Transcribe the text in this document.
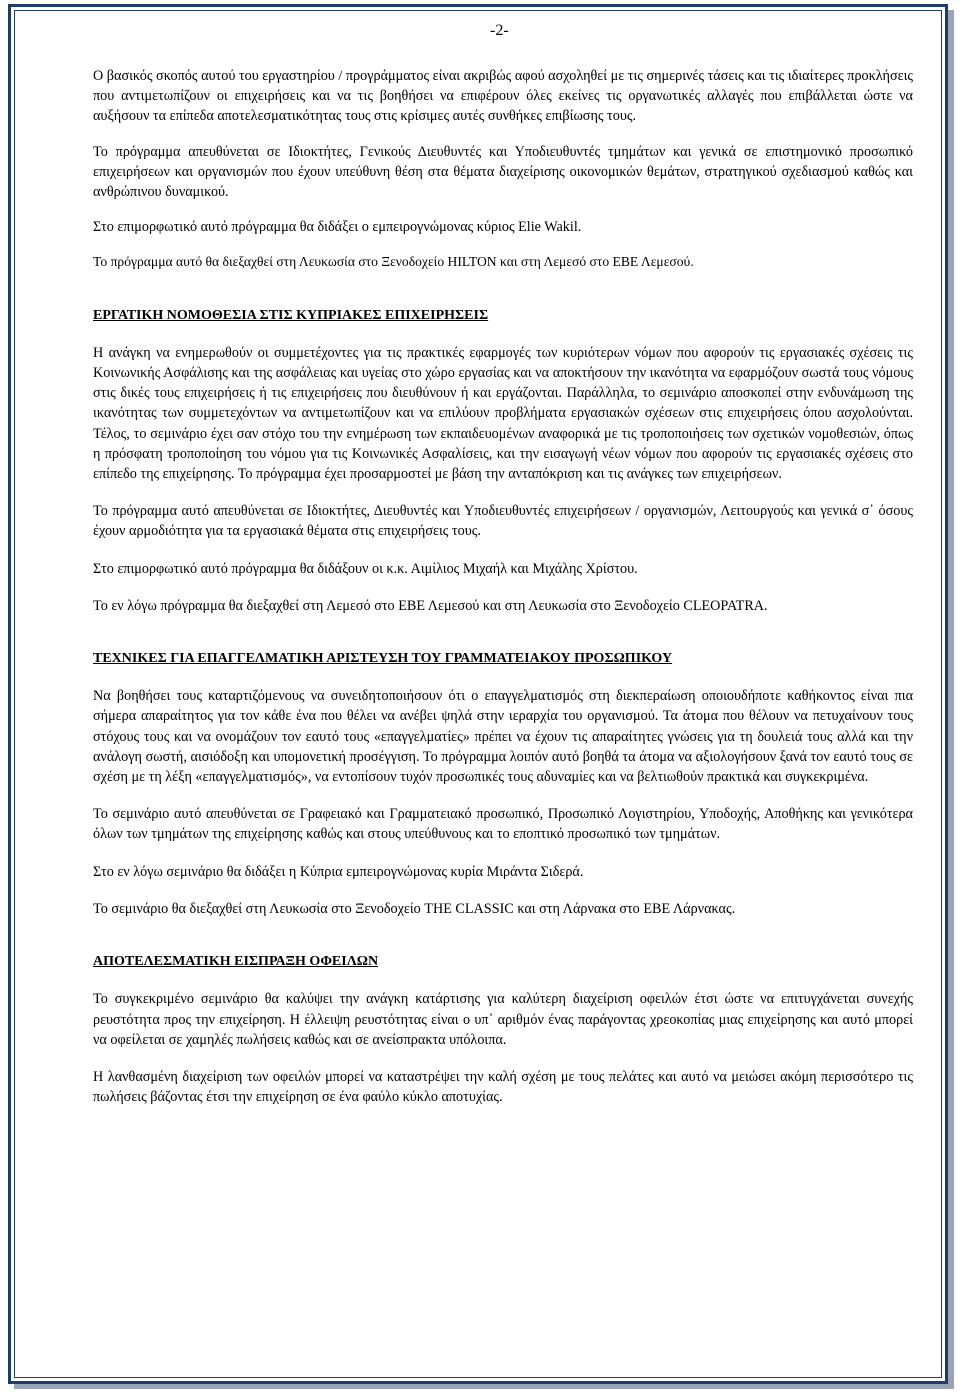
-2-

Ο βασικός σκοπός αυτού του εργαστηρίου / προγράμματος είναι ακριβώς αφού ασχοληθεί με τις σημερινές τάσεις και τις ιδιαίτερες προκλήσεις που αντιμετωπίζουν οι επιχειρήσεις και να τις βοηθήσει να επιφέρουν όλες εκείνες τις οργανωτικές αλλαγές που επιβάλλεται ώστε να αυξήσουν τα επίπεδα αποτελεσματικότητας τους στις κρίσιμες αυτές συνθήκες επιβίωσης τους.

Το πρόγραμμα απευθύνεται σε Ιδιοκτήτες, Γενικούς Διευθυντές και Υποδιευθυντές τμημάτων και γενικά σε επιστημονικό προσωπικό επιχειρήσεων και οργανισμών που έχουν υπεύθυνη θέση στα θέματα διαχείρισης οικονομικών θεμάτων, στρατηγικού σχεδιασμού καθώς και ανθρώπινου δυναμικού.

Στο επιμορφωτικό αυτό πρόγραμμα θα διδάξει ο εμπειρογνώμονας κύριος Elie Wakil.

Το πρόγραμμα αυτό θα διεξαχθεί στη Λευκωσία στο Ξενοδοχείο HILTON και στη Λεμεσό στο ΕΒΕ Λεμεσού.

ΕΡΓΑΤΙΚΗ ΝΟΜΟΘΕΣΙΑ ΣΤΙΣ ΚΥΠΡΙΑΚΕΣ ΕΠΙΧΕΙΡΗΣΕΙΣ

Η ανάγκη να ενημερωθούν οι συμμετέχοντες για τις πρακτικές εφαρμογές των κυριότερων νόμων που αφορούν τις εργασιακές σχέσεις τις Κοινωνικής Ασφάλισης και της ασφάλειας και υγείας στο χώρο εργασίας και να αποκτήσουν την ικανότητα να εφαρμόζουν σωστά τους νόμους στις δικές τους επιχειρήσεις ή τις επιχειρήσεις που διευθύνουν ή και εργάζονται. Παράλληλα, το σεμινάριο αποσκοπεί στην ενδυνάμωση της ικανότητας των συμμετεχόντων να αντιμετωπίζουν και να επιλύουν προβλήματα εργασιακών σχέσεων στις επιχειρήσεις όπου ασχολούνται. Τέλος, το σεμινάριο έχει σαν στόχο του την ενημέρωση των εκπαιδευομένων αναφορικά με τις τροποποιήσεις των σχετικών νομοθεσιών, όπως η πρόσφατη τροποποίηση του νόμου για τις Κοινωνικές Ασφαλίσεις, και την εισαγωγή νέων νόμων που αφορούν τις εργασιακές σχέσεις στο επίπεδο της επιχείρησης. Το πρόγραμμα έχει προσαρμοστεί με βάση την ανταπόκριση και τις ανάγκες των επιχειρήσεων.

Το πρόγραμμα αυτό απευθύνεται σε Ιδιοκτήτες, Διευθυντές και Υποδιευθυντές επιχειρήσεων / οργανισμών, Λειτουργούς και γενικά σ᾽ όσους έχουν αρμοδιότητα για τα εργασιακά θέματα στις επιχειρήσεις τους.

Στο επιμορφωτικό αυτό πρόγραμμα θα διδάξουν οι κ.κ. Αιμίλιος Μιχαήλ και Μιχάλης Χρίστου.

Το εν λόγω πρόγραμμα θα διεξαχθεί στη Λεμεσό στο ΕΒΕ Λεμεσού και στη Λευκωσία στο Ξενοδοχείο CLEOPATRA.

ΤΕΧΝΙΚΕΣ ΓΙΑ ΕΠΑΓΓΕΛΜΑΤΙΚΗ ΑΡΙΣΤΕΥΣΗ ΤΟΥ ΓΡΑΜΜΑΤΕΙΑΚΟΥ ΠΡΟΣΩΠΙΚΟΥ

Να βοηθήσει τους καταρτιζόμενους να συνειδητοποιήσουν ότι ο επαγγελματισμός στη διεκπεραίωση οποιουδήποτε καθήκοντος είναι πια σήμερα απαραίτητος για τον κάθε ένα που θέλει να ανέβει ψηλά στην ιεραρχία του οργανισμού. Τα άτομα που θέλουν να πετυχαίνουν τους στόχους τους και να ονομάζουν τον εαυτό τους «επαγγελματίες» πρέπει να έχουν τις απαραίτητες γνώσεις για τη δουλειά τους αλλά και την ανάλογη σωστή, αισιόδοξη και υπομονετική προσέγγιση. Το πρόγραμμα λοιπόν αυτό βοηθά τα άτομα να αξιολογήσουν ξανά τον εαυτό τους σε σχέση με τη λέξη «επαγγελματισμός», να εντοπίσουν τυχόν προσωπικές τους αδυναμίες και να βελτιωθούν πρακτικά και συγκεκριμένα.

Το σεμινάριο αυτό απευθύνεται σε Γραφειακό και Γραμματειακό προσωπικό, Προσωπικό Λογιστηρίου, Υποδοχής, Αποθήκης και γενικότερα όλων των τμημάτων της επιχείρησης καθώς και στους υπεύθυνους και το εποπτικό προσωπικό των τμημάτων.

Στο εν λόγω σεμινάριο θα διδάξει η Κύπρια εμπειρογνώμονας κυρία Μιράντα Σιδερά.

Το σεμινάριο θα διεξαχθεί στη Λευκωσία στο Ξενοδοχείο THE CLASSIC και στη Λάρνακα στο ΕΒΕ Λάρνακας.

ΑΠΟΤΕΛΕΣΜΑΤΙΚΗ ΕΙΣΠΡΑΞΗ ΟΦΕΙΛΩΝ

Το συγκεκριμένο σεμινάριο θα καλύψει την ανάγκη κατάρτισης για καλύτερη διαχείριση οφειλών έτσι ώστε να επιτυγχάνεται συνεχής ρευστότητα προς την επιχείρηση. Η έλλειψη ρευστότητας είναι ο υπ᾽ αριθμόν ένας παράγοντας χρεοκοπίας μιας επιχείρησης και αυτό μπορεί να οφείλεται σε χαμηλές πωλήσεις καθώς και σε ανείσπρακτα υπόλοιπα.

Η λανθασμένη διαχείριση των οφειλών μπορεί να καταστρέψει την καλή σχέση με τους πελάτες και αυτό να μειώσει ακόμη περισσότερο τις πωλήσεις βάζοντας έτσι την επιχείρηση σε ένα φαύλο κύκλο αποτυχίας.
